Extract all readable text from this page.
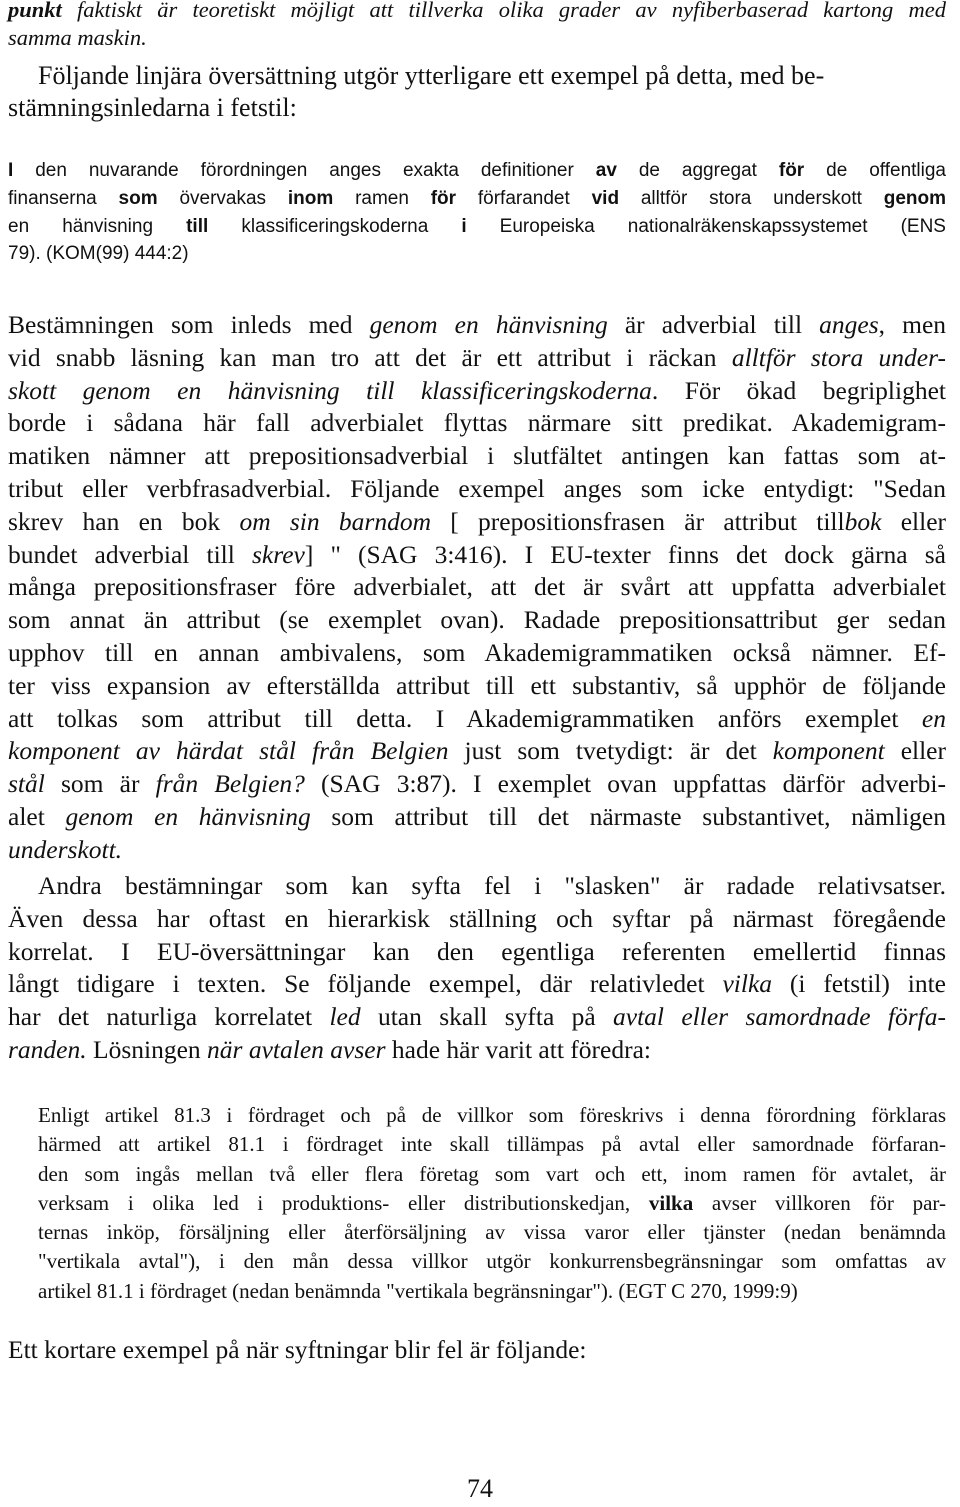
punkt faktiskt är teoretiskt möjligt att tillverka olika grader av nyfiberbaserad kartong med
samma maskin.
Följande linjära översättning utgör ytterligare ett exempel på detta, med be-
stämningsinledarna i fetstil:
I den nuvarande förordningen anges exakta definitioner av de aggregat för de offentliga
finanserna som övervakas inom ramen för förfarandet vid alltför stora underskott genom
en hänvisning till klassificeringskoderna i Europeiska nationalräkenskapssystemet (ENS
79). (KOM(99) 444:2)
Bestämningen som inleds med genom en hänvisning är adverbial till anges, men
vid snabb läsning kan man tro att det är ett attribut i räckan alltför stora under-
skott genom en hänvisning till klassificeringskoderna. För ökad begriplighet
borde i sådana här fall adverbialet flyttas närmare sitt predikat. Akademigram-
matiken nämner att prepositionsadverbial i slutfältet antingen kan fattas som at-
tribut eller verbfrasadverbial. Följande exempel anges som icke entydigt: "Sedan
skrev han en bok om sin barndom [ prepositionsfrasen är attribut tillbok eller
bundet adverbial till skrev] " (SAG 3:416). I EU-texter finns det dock gärna så
många prepositionsfraser före adverbialet, att det är svårt att uppfatta adverbialet
som annat än attribut (se exemplet ovan). Radade prepositionsattribut ger sedan
upphov till en annan ambivalens, som Akademigrammatiken också nämner. Ef-
ter viss expansion av efterställda attribut till ett substantiv, så upphör de följande
att tolkas som attribut till detta. I Akademigrammatiken anförs exemplet en
komponent av härdat stål från Belgien just som tvetydigt: är det komponent eller
stål som är från Belgien? (SAG 3:87). I exemplet ovan uppfattas därför adverbi-
alet genom en hänvisning som attribut till det närmaste substantivet, nämligen
underskott.
Andra bestämningar som kan syfta fel i "slasken" är radade relativsatser.
Även dessa har oftast en hierarkisk ställning och syftar på närmast föregående
korrelat. I EU-översättningar kan den egentliga referenten emellertid finnas
långt tidigare i texten. Se följande exempel, där relativledet vilka (i fetstil) inte
har det naturliga korrelatet led utan skall syfta på avtal eller samordnade förfa-
randen. Lösningen när avtalen avser hade här varit att föredra:
Enligt artikel 81.3 i fördraget och på de villkor som föreskrivs i denna förordning förklaras
härmed att artikel 81.1 i fördraget inte skall tillämpas på avtal eller samordnade förfaran-
den som ingås mellan två eller flera företag som vart och ett, inom ramen för avtalet, är
verksam i olika led i produktions- eller distributionskedjan, vilka avser villkoren för par-
ternas inköp, försäljning eller återförsäljning av vissa varor eller tjänster (nedan benämnda
"vertikala avtal"), i den mån dessa villkor utgör konkurrensbegränsningar som omfattas av
artikel 81.1 i fördraget (nedan benämnda "vertikala begränsningar"). (EGT C 270, 1999:9)
Ett kortare exempel på när syftningar blir fel är följande:
74
